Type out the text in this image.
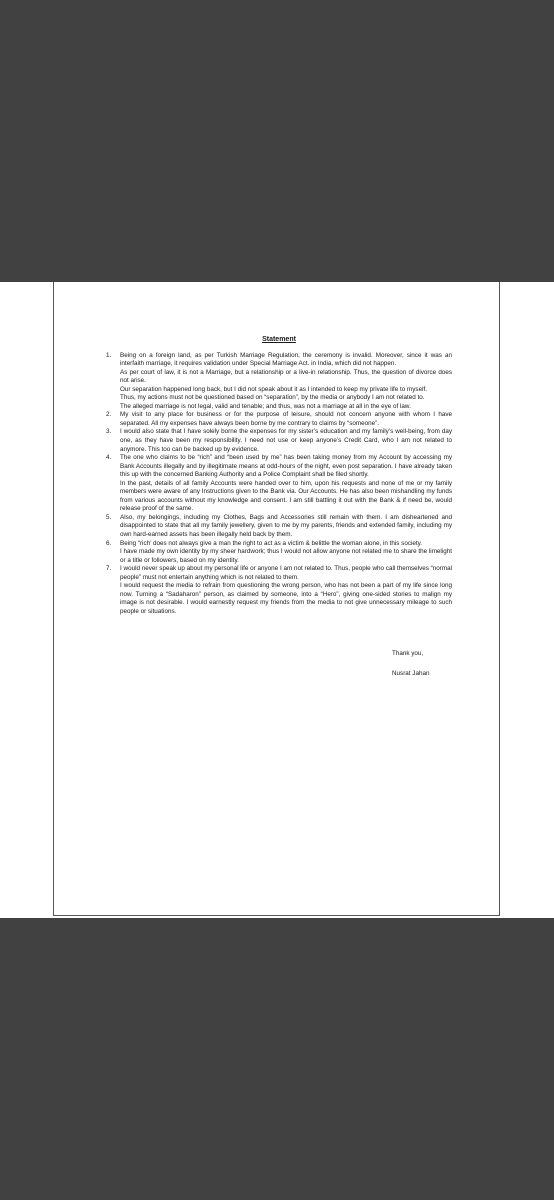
Statement
1. Being on a foreign land, as per Turkish Marriage Regulation, the ceremony is invalid. Moreover, since it was an interfaith marriage, it requires validation under Special Marriage Act. in India, which did not happen.

As per court of law, it is not a Marriage, but a relationship or a live-in relationship. Thus, the question of divorce does not arise.

Our separation happened long back, but I did not speak about it as I intended to keep my private life to myself.

Thus, my actions must not be questioned based on “separation”, by the media or anybody I am not related to.

The alleged marriage is not legal, valid and tenable; and thus, was not a marriage at all in the eye of law.

2. My visit to any place for business or for the purpose of leisure, should not concern anyone with whom I have separated. All my expenses have always been borne by me contrary to claims by “someone”.

3. I would also state that I have solely borne the expenses for my sister’s education and my family’s well-being, from day one, as they have been my responsibility. I need not use or keep anyone’s Credit Card, who I am not related to anymore. This too can be backed up by evidence.

4. The one who claims to be “rich” and “been used by me” has been taking money from my Account by accessing my Bank Accounts illegally and by illegitimate means at odd-hours of the night, even post separation. I have already taken this up with the concerned Banking Authority and a Police Complaint shall be filed shortly.

In the past, details of all family Accounts were handed over to him, upon his requests and none of me or my family members were aware of any Instructions given to the Bank via. Our Accounts. He has also been mishandling my funds from various accounts without my knowledge and consent. I am still battling it out with the Bank & if need be, would release proof of the same.

5. Also, my belongings, including my Clothes, Bags and Accessories still remain with them. I am disheartened and disappointed to state that all my family jewellery, given to me by my parents, friends and extended family, including my own hard-earned assets has been illegally held back by them.

6. Being “rich’ does not always give a man the right to act as a victim & belittle the woman alone, in this society.

I have made my own identity by my sheer hardwork; thus I would not allow anyone not related me to share the limelight or a title or followers, based on my identity.

7. I would never speak up about my personal life or anyone I am not related to. Thus, people who call themselves “normal people” must not entertain anything which is not related to them.

I would request the media to refrain from questioning the wrong person, who has not been a part of my life since long now. Turning a “Sadaharon” person, as claimed by someone, into a “Hero”, giving one-sided stories to malign my image is not desirable. I would earnestly request my friends from the media to not give unnecessary mileage to such people or situations.

Thank you,
Nusrat Jahan
